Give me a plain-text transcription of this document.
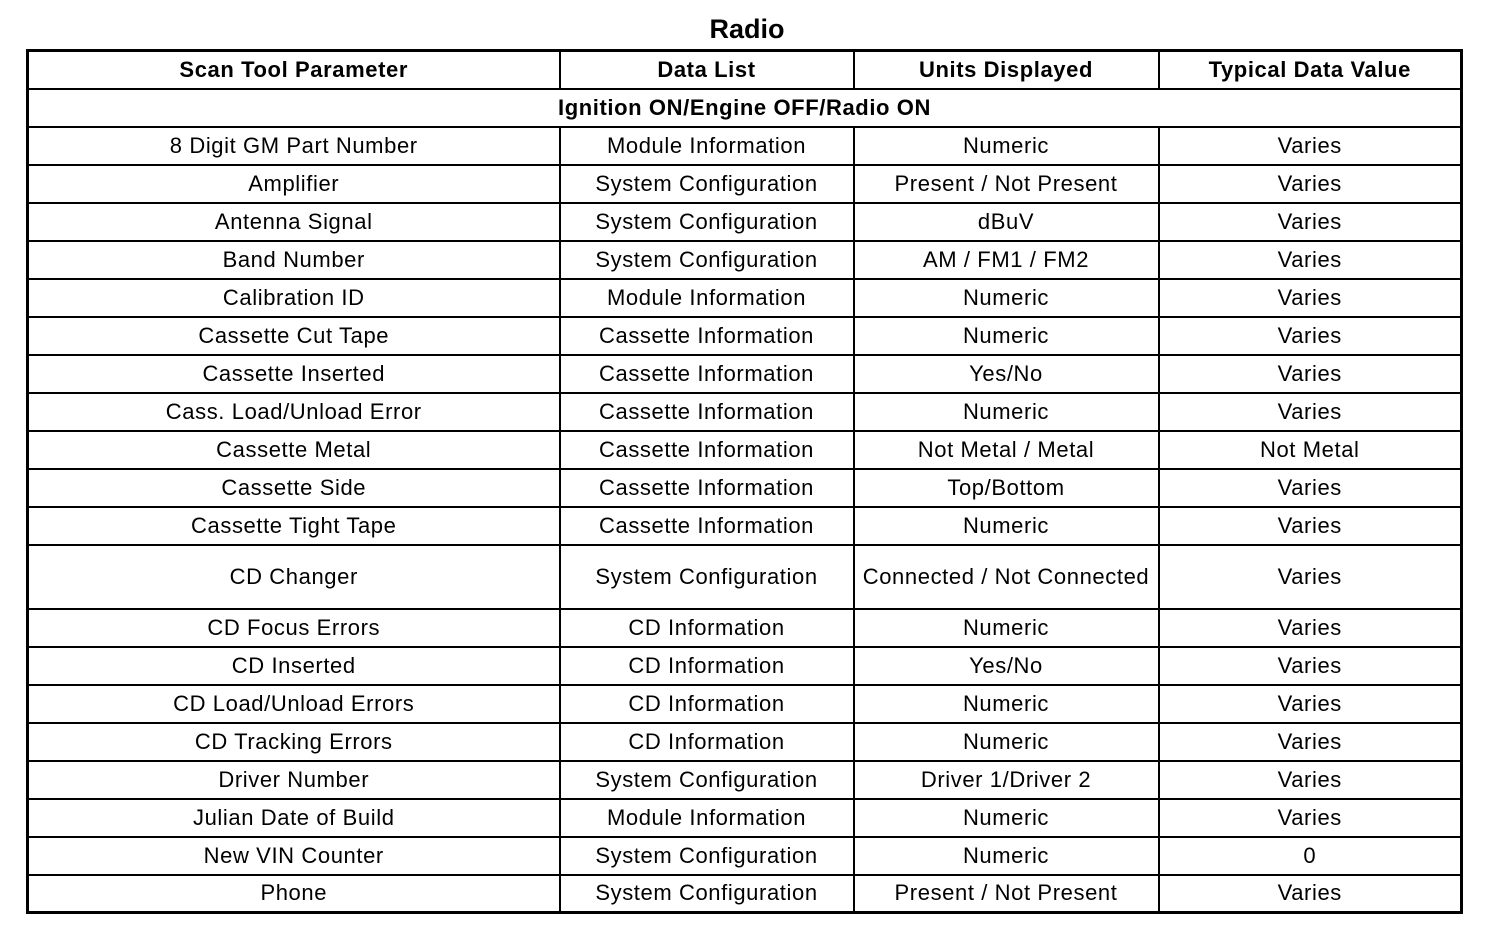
Radio
Scan Tool Parameter	Data List	Units Displayed	Typical Data Value
Ignition ON/Engine OFF/Radio ON			
8 Digit GM Part Number	Module Information	Numeric	Varies
Amplifier	System Configuration	Present / Not Present	Varies
Antenna Signal	System Configuration	dBuV	Varies
Band Number	System Configuration	AM / FM1 / FM2	Varies
Calibration ID	Module Information	Numeric	Varies
Cassette Cut Tape	Cassette Information	Numeric	Varies
Cassette Inserted	Cassette Information	Yes/No	Varies
Cass. Load/Unload Error	Cassette Information	Numeric	Varies
Cassette Metal	Cassette Information	Not Metal / Metal	Not Metal
Cassette Side	Cassette Information	Top/Bottom	Varies
Cassette Tight Tape	Cassette Information	Numeric	Varies
CD Changer	System Configuration	Connected / Not Connected	Varies
CD Focus Errors	CD Information	Numeric	Varies
CD Inserted	CD Information	Yes/No	Varies
CD Load/Unload Errors	CD Information	Numeric	Varies
CD Tracking Errors	CD Information	Numeric	Varies
Driver Number	System Configuration	Driver 1/Driver 2	Varies
Julian Date of Build	Module Information	Numeric	Varies
New VIN Counter	System Configuration	Numeric	0
Phone	System Configuration	Present / Not Present	Varies
